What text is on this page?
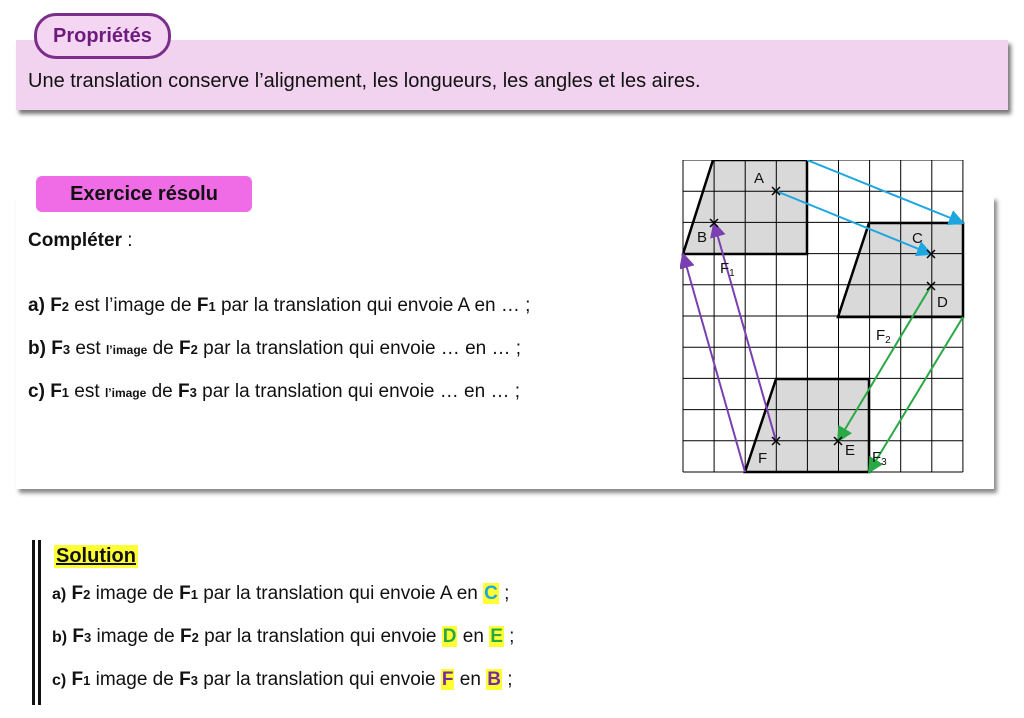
Propriétés
Une translation conserve l’alignement, les longueurs, les angles et les aires.
Exercice résolu
Compléter :
a) F2 est l’image de F1 par la translation qui envoie A en … ;
b) F3 est l’image de F2 par la translation qui envoie … en … ;
c) F1 est l’image de F3 par la translation qui envoie … en … ;
A
B	C
D
E
F
$F_1$
$F_2$
$F_3$
Solution
a) F2 image de F1 par la translation qui envoie A en C ;
b) F3 image de F2 par la translation qui envoie D en E ;
c) F1 image de F3 par la translation qui envoie F en B ;
